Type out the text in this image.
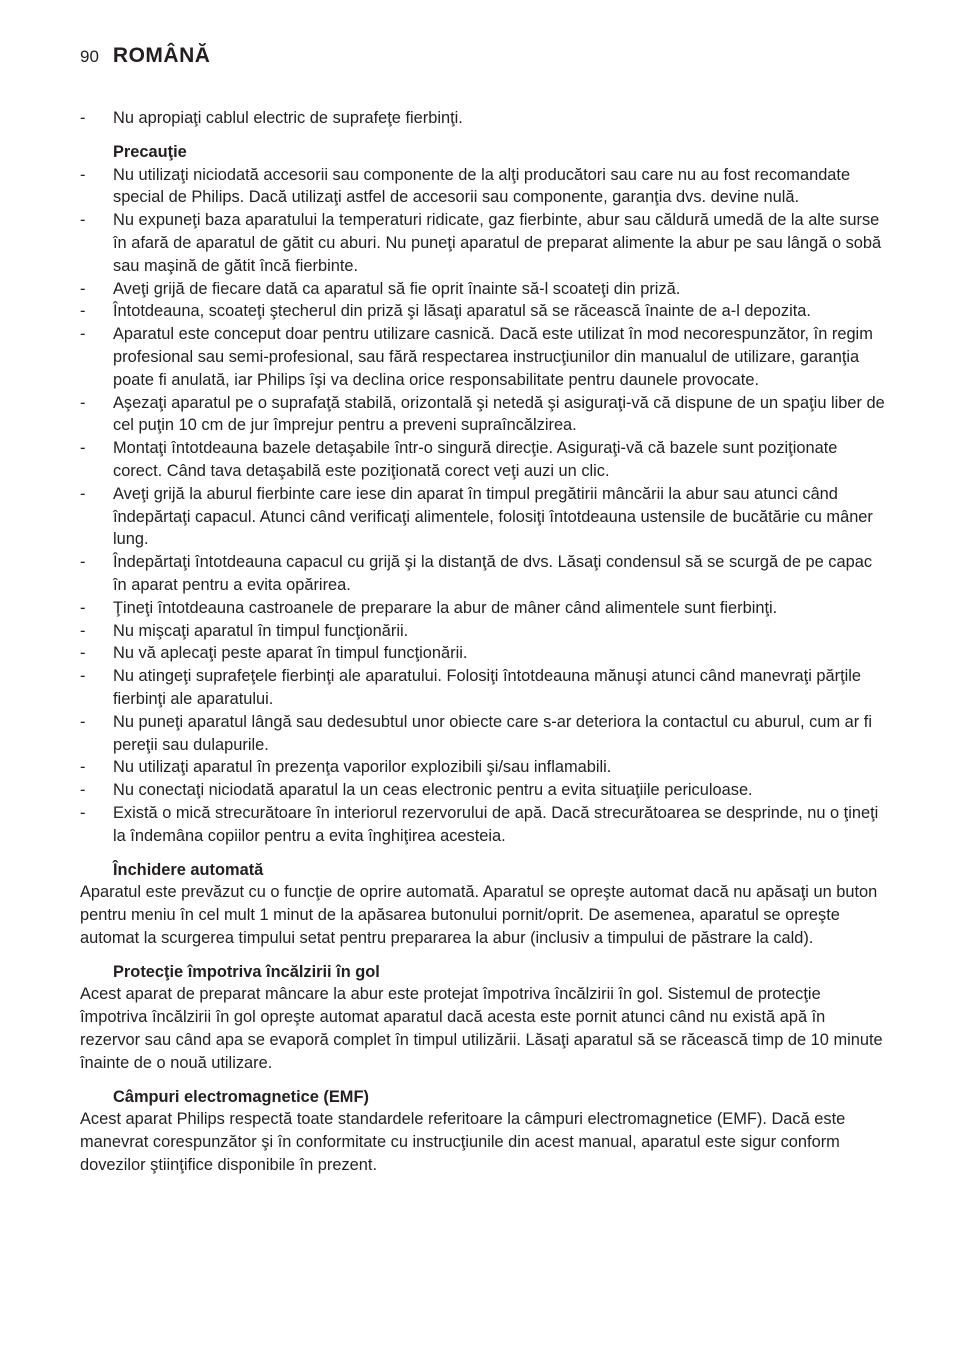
90 ROMÂNĂ
- Nu apropiaţi cablul electric de suprafeţe fierbinţi.
Precauţie
- Nu utilizaţi niciodată accesorii sau componente de la alţi producători sau care nu au fost recomandate special de Philips. Dacă utilizaţi astfel de accesorii sau componente, garanţia dvs. devine nulă.
- Nu expuneţi baza aparatului la temperaturi ridicate, gaz fierbinte, abur sau căldură umedă de la alte surse în afară de aparatul de gătit cu aburi. Nu puneţi aparatul de preparat alimente la abur pe sau lângă o sobă sau maşină de gătit încă fierbinte.
- Aveţi grijă de fiecare dată ca aparatul să fie oprit înainte să-l scoateţi din priză.
- Întotdeauna, scoateţi ştecherul din priză şi lăsaţi aparatul să se răcească înainte de a-l depozita.
- Aparatul este conceput doar pentru utilizare casnică. Dacă este utilizat în mod necorespunzător, în regim profesional sau semi-profesional, sau fără respectarea instrucţiunilor din manualul de utilizare, garanţia poate fi anulată, iar Philips îşi va declina orice responsabilitate pentru daunele provocate.
- Aşezaţi aparatul pe o suprafaţă stabilă, orizontală şi netedă şi asiguraţi-vă că dispune de un spaţiu liber de cel puţin 10 cm de jur împrejur pentru a preveni supraîncălzirea.
- Montaţi întotdeauna bazele detaşabile într-o singură direcţie. Asiguraţi-vă că bazele sunt poziţionate corect. Când tava detaşabilă este poziţionată corect veţi auzi un clic.
- Aveţi grijă la aburul fierbinte care iese din aparat în timpul pregătirii mâncării la abur sau atunci când îndepărtaţi capacul. Atunci când verificaţi alimentele, folosiţi întotdeauna ustensile de bucătărie cu mâner lung.
- Îndepărtaţi întotdeauna capacul cu grijă şi la distanţă de dvs. Lăsaţi condensul să se scurgă de pe capac în aparat pentru a evita opărirea.
- Ţineţi întotdeauna castroanele de preparare la abur de mâner când alimentele sunt fierbinţi.
- Nu mişcaţi aparatul în timpul funcţionării.
- Nu vă aplecaţi peste aparat în timpul funcţionării.
- Nu atingeţi suprafeţele fierbinţi ale aparatului. Folosiţi întotdeauna mănuşi atunci când manevraţi părţile fierbinţi ale aparatului.
- Nu puneţi aparatul lângă sau dedesubtul unor obiecte care s-ar deteriora la contactul cu aburul, cum ar fi pereţii sau dulapurile.
- Nu utilizaţi aparatul în prezenţa vaporilor explozibili şi/sau inflamabili.
- Nu conectaţi niciodată aparatul la un ceas electronic pentru a evita situaţiile periculoase.
- Există o mică strecurătoare în interiorul rezervorului de apă. Dacă strecurătoarea se desprinde, nu o ţineţi la îndemâna copiilor pentru a evita înghiţirea acesteia.
Închidere automată

Aparatul este prevăzut cu o funcţie de oprire automată. Aparatul se opreşte automat dacă nu apăsaţi un buton pentru meniu în cel mult 1 minut de la apăsarea butonului pornit/oprit. De asemenea, aparatul se opreşte automat la scurgerea timpului setat pentru prepararea la abur (inclusiv a timpului de păstrare la cald).

Protecţie împotriva încălzirii în gol

Acest aparat de preparat mâncare la abur este protejat împotriva încălzirii în gol. Sistemul de protecţie împotriva încălzirii în gol opreşte automat aparatul dacă acesta este pornit atunci când nu există apă în rezervor sau când apa se evaporă complet în timpul utilizării. Lăsaţi aparatul să se răcească timp de 10 minute înainte de o nouă utilizare.

Câmpuri electromagnetice (EMF)

Acest aparat Philips respectă toate standardele referitoare la câmpuri electromagnetice (EMF). Dacă este manevrat corespunzător şi în conformitate cu instrucţiunile din acest manual, aparatul este sigur conform dovezilor ştiinţifice disponibile în prezent.
